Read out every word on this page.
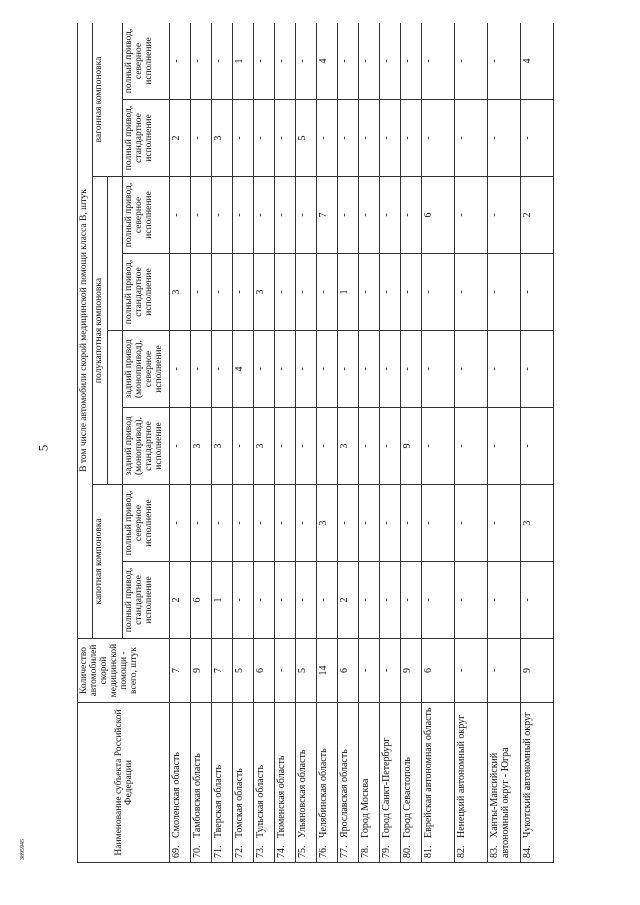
5
3895945	Наименование субъекта Российской Федерации	Количество автомобилей скорой медицинской помощи - всего, штук	В том числе автомобили скорой медицинской помощи класса В, штук							
		капотная компоновка		полукапотная компоновка				вагонная компоновка	

		полный привод, стандартное исполнение	полный привод, северное исполнение	задний привод (монопривод), стандартное исполнение	задний привод (монопривод), северное исполнение	полный привод, стандартное исполнение	полный привод, северное исполнение	полный привод, стандартное исполнение	полный привод, северное исполнение
69.Смоленская область	7	2	-	-	-	3	-	2	-
70.Тамбовская область	9	6	-	3	-	-	-	-	-
71.Тверская область	7	1	-	3	-	-	-	3	-
72.Томская область	5	-	-	-	4	-	-	-	1
73.Тульская область	6	-	-	3	-	3	-	-	-
74.Тюменская область	-	-	-	-	-	-	-	-	-
75.Ульяновская область	5	-	-	-	-	-	-	5	-
76.Челябинская область	14	-	3	-	-	-	7	-	4
77.Ярославская область	6	2	-	3	-	1	-	-	-
78.Город Москва	-	-	-	-	-	-	-	-	-
79.Город Санкт-Петербург	-	-	-	-	-	-	-	-	-
80.Город Севастополь	9	-	-	9	-	-	-	-	-
81.Еврейская автономная область	6	-	-	-	-	-	6	-	-
82.Ненецкий автономный округ	-	-	-	-	-	-	-	-	-
83.Ханты-Мансийский автономный округ - Югра	-	-	-	-	-	-	-	-	-
84.Чукотский автономный округ	9	-	3	-	-	-	2	-	4
